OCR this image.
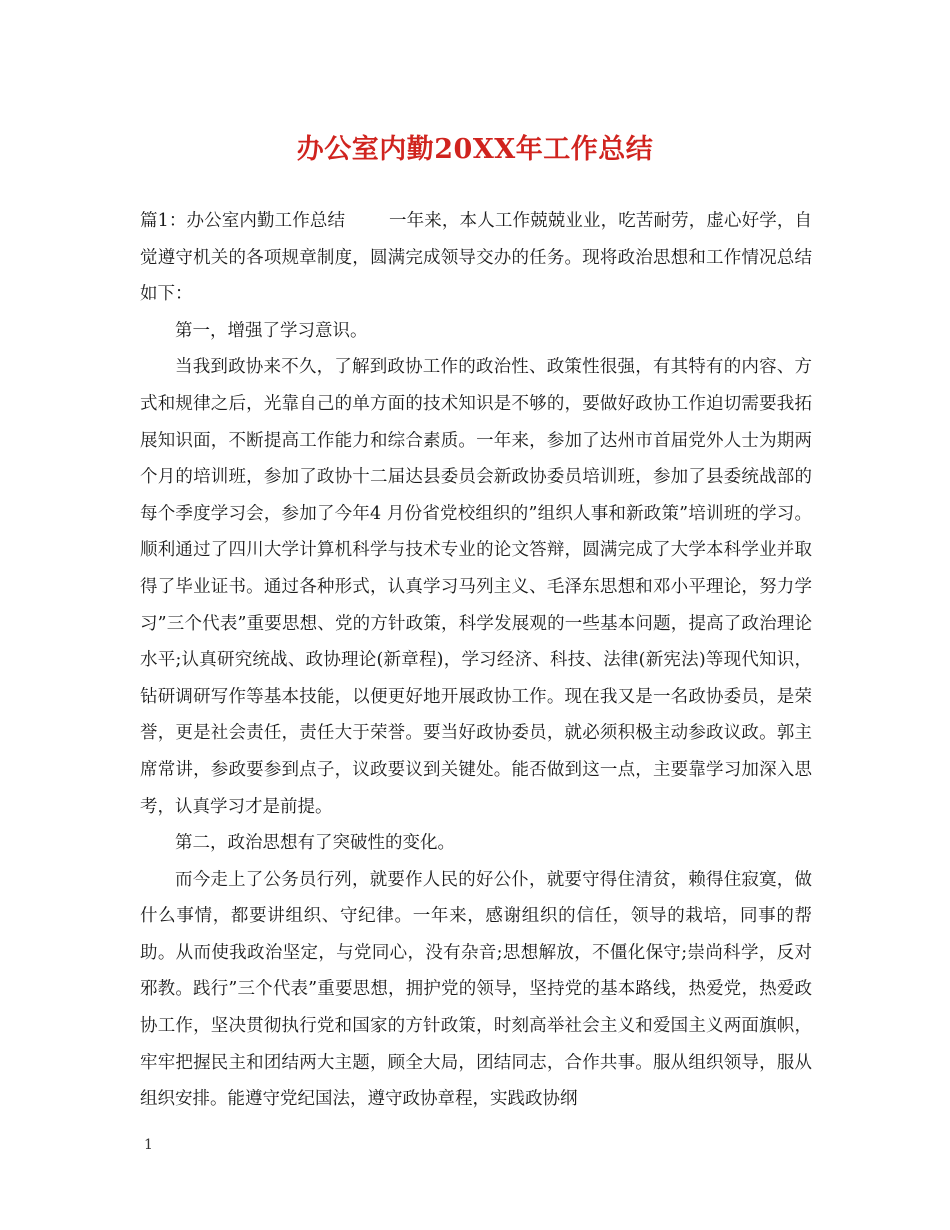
办公室内勤20XX年工作总结

篇1：办公室内勤工作总结	一年来，本人工作兢兢业业，吃苦耐劳，虚心好学，自觉遵守机关的各项规章制度，圆满完成领导交办的任务。现将政治思想和工作情况总结如下：

第一，增强了学习意识。

当我到政协来不久，了解到政协工作的政治性、政策性很强，有其特有的内容、方式和规律之后，光靠自己的单方面的技术知识是不够的，要做好政协工作迫切需要我拓展知识面，不断提高工作能力和综合素质。一年来，参加了达州市首届党外人士为期两个月的培训班，参加了政协十二届达县委员会新政协委员培训班，参加了县委统战部的每个季度学习会，参加了今年4 月份省党校组织的”组织人事和新政策”培训班的学习。顺利通过了四川大学计算机科学与技术专业的论文答辩，圆满完成了大学本科学业并取得了毕业证书。通过各种形式，认真学习马列主义、毛泽东思想和邓小平理论，努力学习”三个代表”重要思想、党的方针政策，科学发展观的一些基本问题，提高了政治理论水平;认真研究统战、政协理论(新章程)，学习经济、科技、法律(新宪法)等现代知识，钻研调研写作等基本技能，以便更好地开展政协工作。现在我又是一名政协委员，是荣誉，更是社会责任，责任大于荣誉。要当好政协委员，就必须积极主动参政议政。郭主席常讲，参政要参到点子，议政要议到关键处。能否做到这一点，主要靠学习加深入思考，认真学习才是前提。

第二，政治思想有了突破性的变化。

而今走上了公务员行列，就要作人民的好公仆，就要守得住清贫，赖得住寂寞，做什么事情，都要讲组织、守纪律。一年来，感谢组织的信任，领导的栽培，同事的帮助。从而使我政治坚定，与党同心，没有杂音;思想解放，不僵化保守;崇尚科学，反对邪教。践行”三个代表”重要思想，拥护党的领导，坚持党的基本路线，热爱党，热爱政协工作，坚决贯彻执行党和国家的方针政策，时刻高举社会主义和爱国主义两面旗帜，牢牢把握民主和团结两大主题，顾全大局，团结同志，合作共事。服从组织领导，服从组织安排。能遵守党纪国法，遵守政协章程，实践政协纲

1
